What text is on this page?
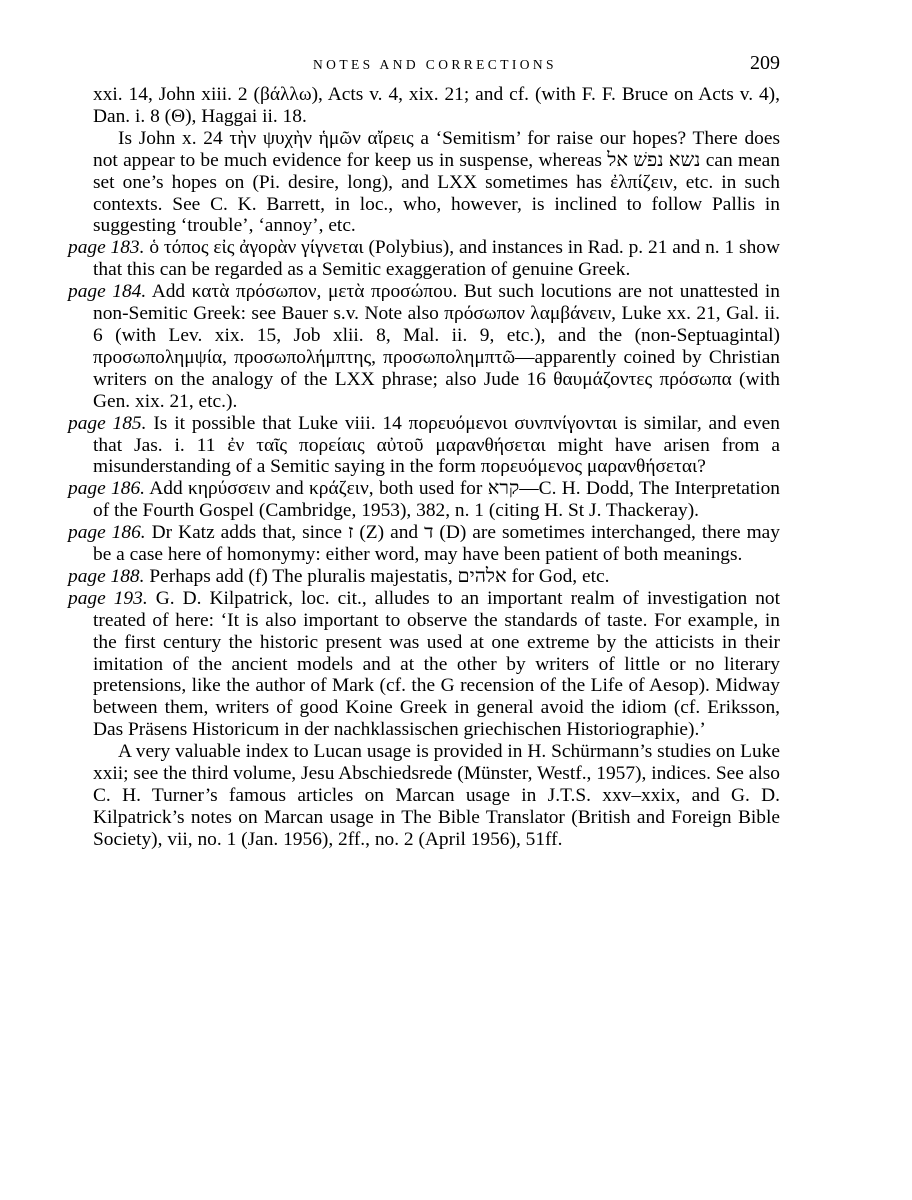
NOTES AND CORRECTIONS	209

xxi. 14, John xiii. 2 (βάλλω), Acts v. 4, xix. 21; and cf. (with F. F. Bruce on Acts v. 4), Dan. i. 8 (Θ), Haggai ii. 18.

Is John x. 24 τὴν ψυχὴν ἡμῶν αἴρεις a ‘Semitism’ for raise our hopes? There does not appear to be much evidence for keep us in suspense, whereas נשא נפשׁ אל can mean set one’s hopes on (Pi. desire, long), and LXX sometimes has ἐλπίζειν, etc. in such contexts. See C. K. Barrett, in loc., who, however, is inclined to follow Pallis in suggesting ‘trouble’, ‘annoy’, etc.

page 183. ὁ τόπος εἰς ἀγορὰν γίγνεται (Polybius), and instances in Rad. p. 21 and n. 1 show that this can be regarded as a Semitic exaggeration of genuine Greek.

page 184. Add κατὰ πρόσωπον, μετὰ προσώπου. But such locutions are not unattested in non-Semitic Greek: see Bauer s.v. Note also πρόσωπον λαμβάνειν, Luke xx. 21, Gal. ii. 6 (with Lev. xix. 15, Job xlii. 8, Mal. ii. 9, etc.), and the (non-Septuagintal) προσωπολημψία, προσωπολήμπτης, προσωπολημπτῶ—apparently coined by Christian writers on the analogy of the LXX phrase; also Jude 16 θαυμάζοντες πρόσωπα (with Gen. xix. 21, etc.).

page 185. Is it possible that Luke viii. 14 πορευόμενοι συνπνίγονται is similar, and even that Jas. i. 11 ἐν ταῖς πορείαις αὐτοῦ μαρανθήσεται might have arisen from a misunderstanding of a Semitic saying in the form πορευόμενος μαρανθήσεται?

page 186. Add κηρύσσειν and κράζειν, both used for קרא—C. H. Dodd, The Interpretation of the Fourth Gospel (Cambridge, 1953), 382, n. 1 (citing H. St J. Thackeray).

page 186. Dr Katz adds that, since ז (Z) and ד (D) are sometimes interchanged, there may be a case here of homonymy: either word, may have been patient of both meanings.

page 188. Perhaps add (f) The pluralis majestatis, אלהים for God, etc.

page 193. G. D. Kilpatrick, loc. cit., alludes to an important realm of investigation not treated of here: ‘It is also important to observe the standards of taste. For example, in the first century the historic present was used at one extreme by the atticists in their imitation of the ancient models and at the other by writers of little or no literary pretensions, like the author of Mark (cf. the G recension of the Life of Aesop). Midway between them, writers of good Koine Greek in general avoid the idiom (cf. Eriksson, Das Präsens Historicum in der nachklassischen griechischen Historiographie).’

A very valuable index to Lucan usage is provided in H. Schürmann’s studies on Luke xxii; see the third volume, Jesu Abschiedsrede (Münster, Westf., 1957), indices. See also C. H. Turner’s famous articles on Marcan usage in J.T.S. xxv–xxix, and G. D. Kilpatrick’s notes on Marcan usage in The Bible Translator (British and Foreign Bible Society), vii, no. 1 (Jan. 1956), 2ff., no. 2 (April 1956), 51ff.
